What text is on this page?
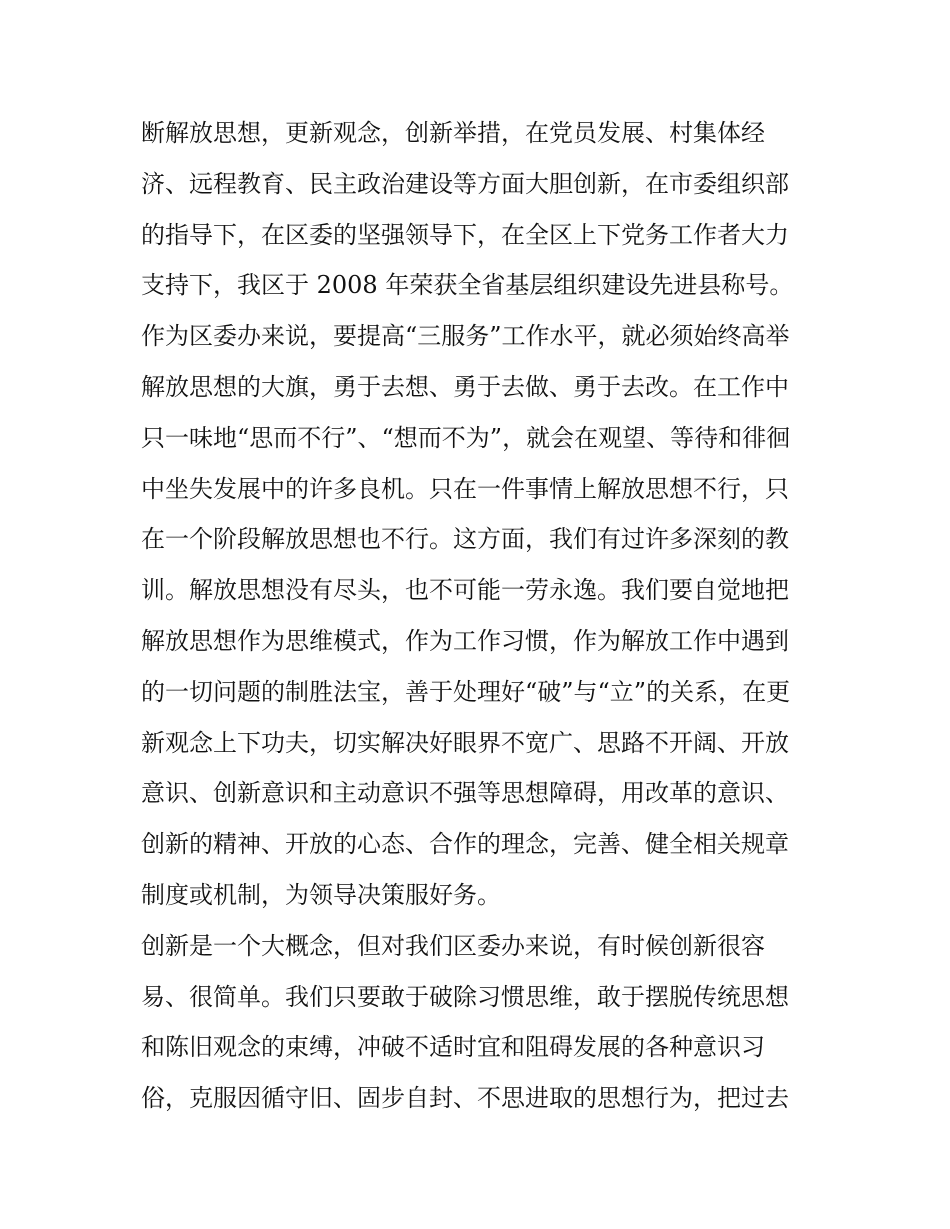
断解放思想，更新观念，创新举措，在党员发展、村集体经
济、远程教育、民主政治建设等方面大胆创新，在市委组织部
的指导下，在区委的坚强领导下，在全区上下党务工作者大力
支持下，我区于 2008 年荣获全省基层组织建设先进县称号。
作为区委办来说，要提高“三服务”工作水平，就必须始终高举
解放思想的大旗，勇于去想、勇于去做、勇于去改。在工作中
只一味地“思而不行”、“想而不为”，就会在观望、等待和徘徊
中坐失发展中的许多良机。只在一件事情上解放思想不行，只
在一个阶段解放思想也不行。这方面，我们有过许多深刻的教
训。解放思想没有尽头，也不可能一劳永逸。我们要自觉地把
解放思想作为思维模式，作为工作习惯，作为解放工作中遇到
的一切问题的制胜法宝，善于处理好“破”与“立”的关系，在更
新观念上下功夫，切实解决好眼界不宽广、思路不开阔、开放
意识、创新意识和主动意识不强等思想障碍，用改革的意识、
创新的精神、开放的心态、合作的理念，完善、健全相关规章
制度或机制，为领导决策服好务。
创新是一个大概念，但对我们区委办来说，有时候创新很容
易、很简单。我们只要敢于破除习惯思维，敢于摆脱传统思想
和陈旧观念的束缚，冲破不适时宜和阻碍发展的各种意识习
俗，克服因循守旧、固步自封、不思进取的思想行为，把过去
